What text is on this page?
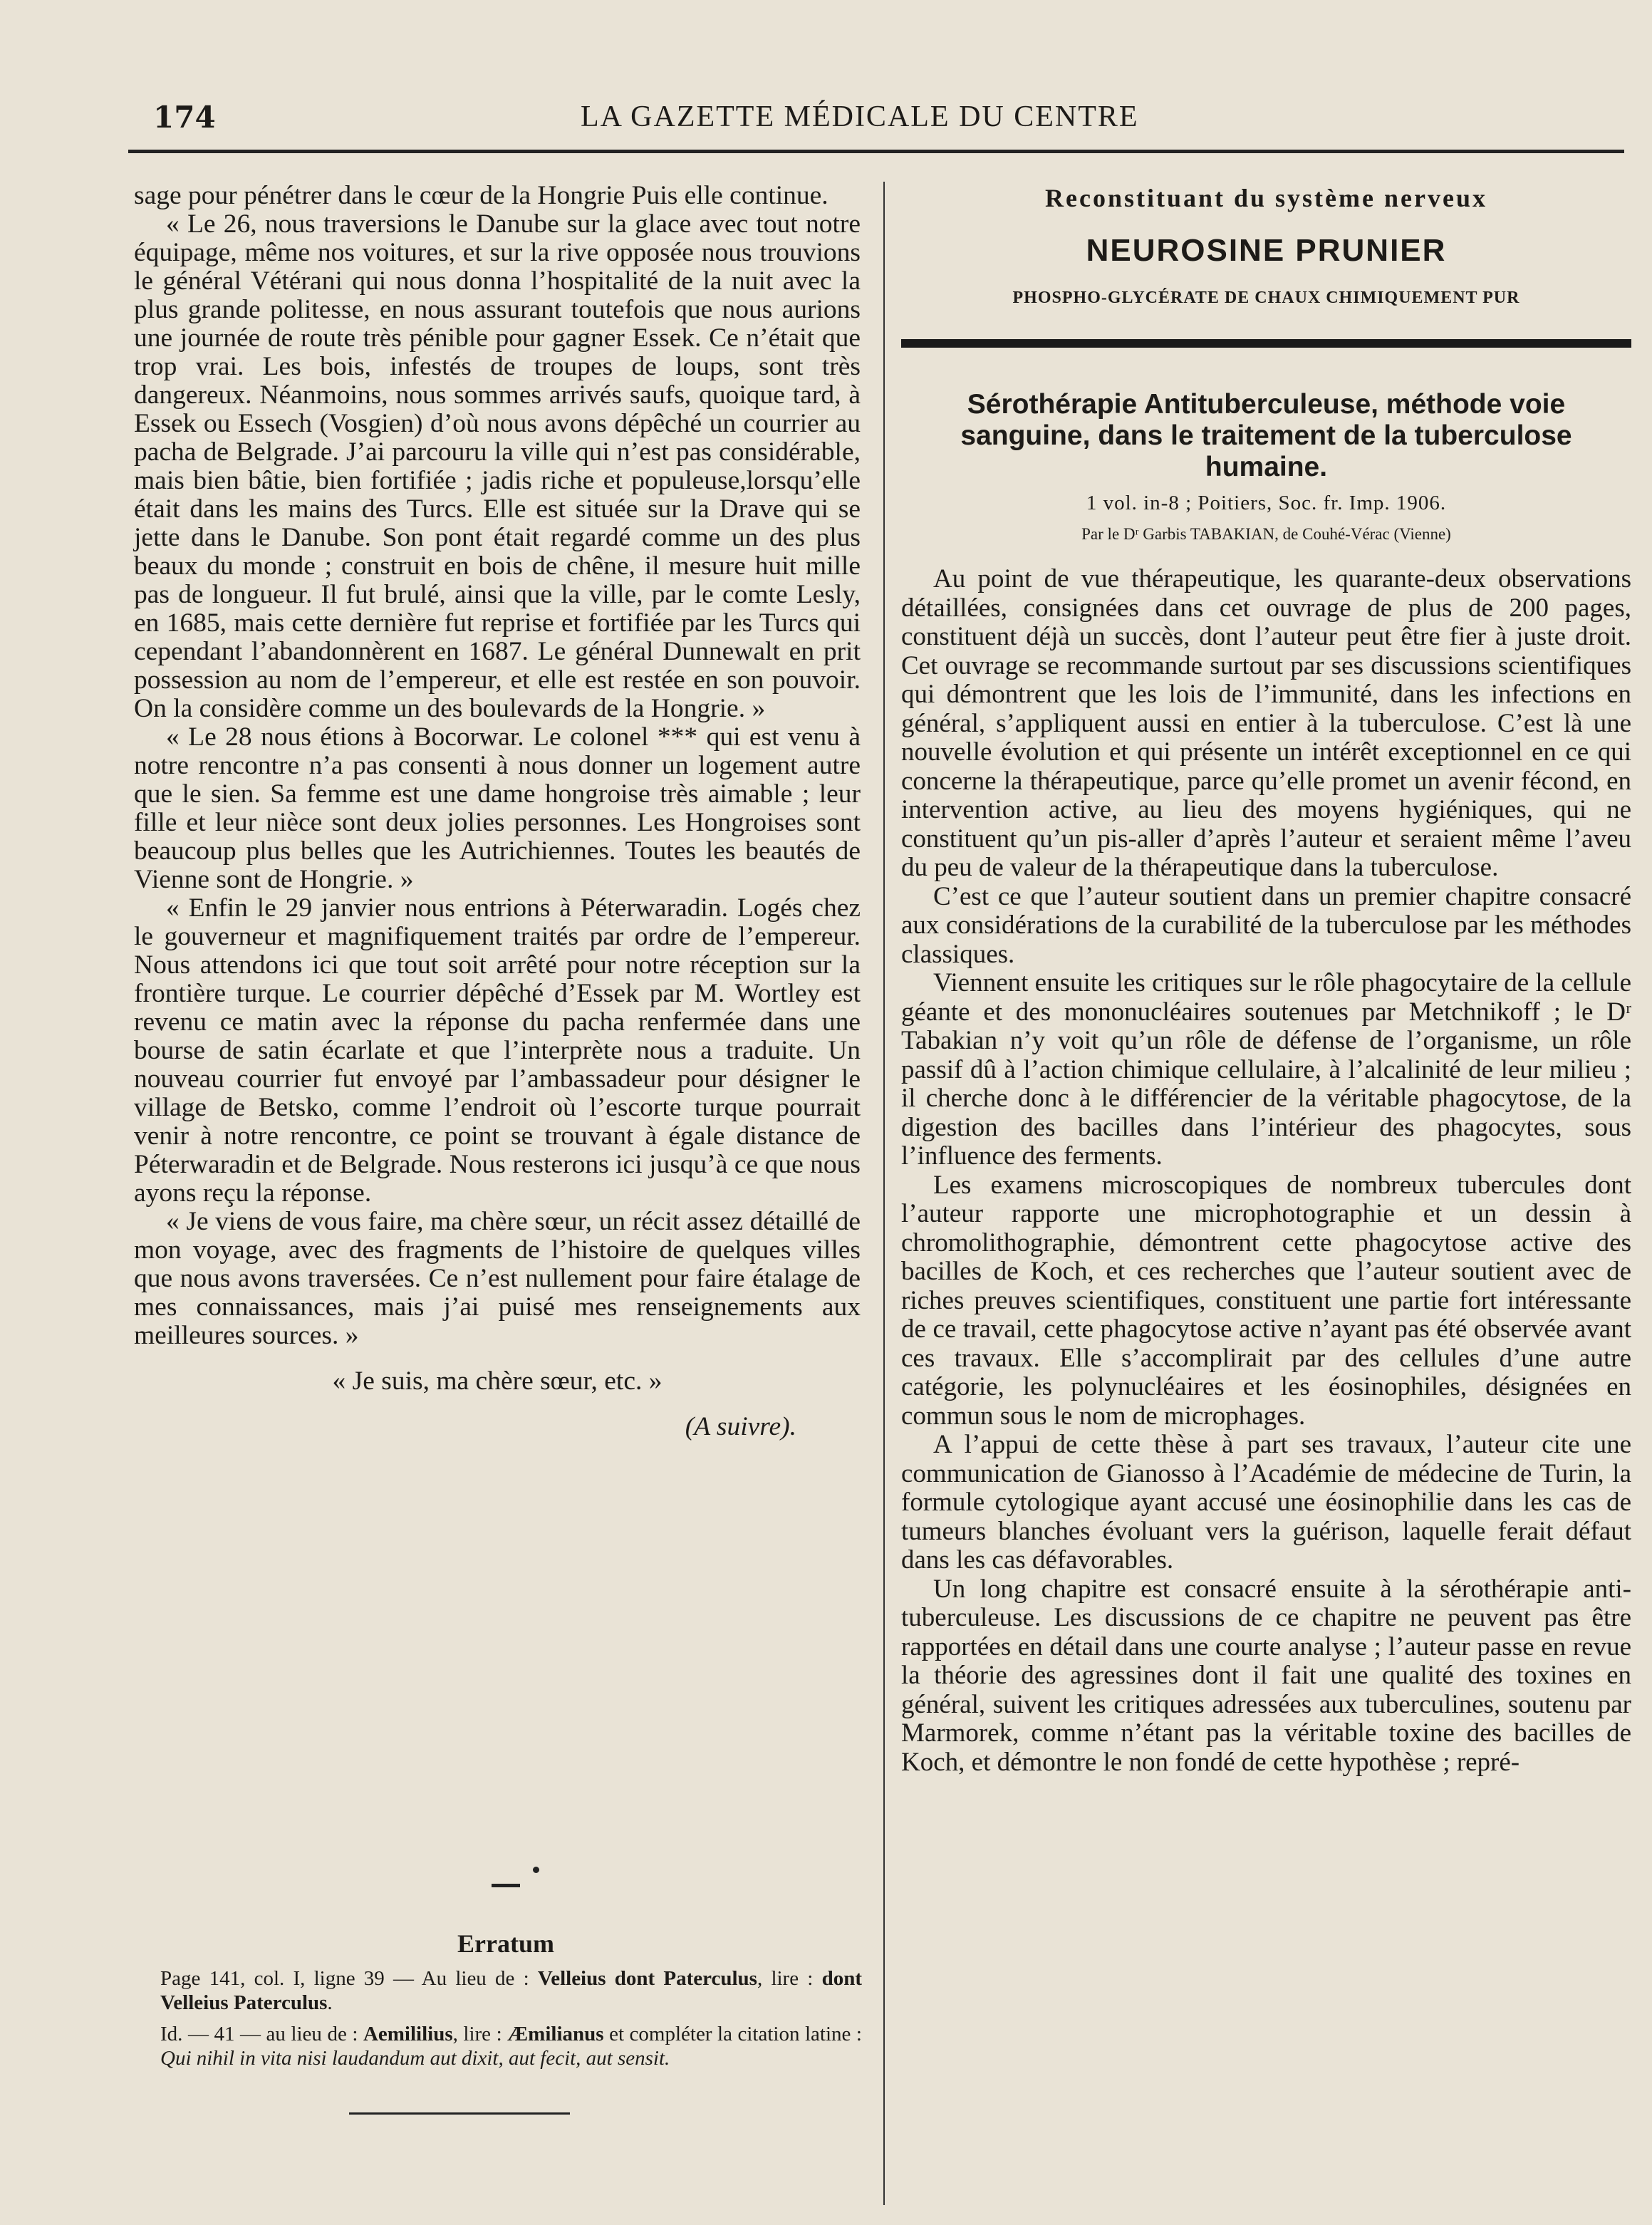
174	LA GAZETTE MÉDICALE DU CENTRE

sage pour pénétrer dans le cœur de la Hongrie Puis elle continue.

« Le 26, nous traversions le Danube sur la glace avec tout notre équipage, même nos voitures, et sur la rive opposée nous trouvions le général Vétérani qui nous donna l’hospitalité de la nuit avec la plus grande politesse, en nous assurant toutefois que nous aurions une journée de route très pénible pour gagner Essek. Ce n’était que trop vrai. Les bois, infestés de troupes de loups, sont très dangereux. Néanmoins, nous sommes arrivés saufs, quoique tard, à Essek ou Essech (Vosgien) d’où nous avons dépêché un courrier au pacha de Belgrade. J’ai parcouru la ville qui n’est pas considérable, mais bien bâtie, bien fortifiée ; jadis riche et populeuse,lorsqu’elle était dans les mains des Turcs. Elle est située sur la Drave qui se jette dans le Danube. Son pont était regardé comme un des plus beaux du monde ; construit en bois de chêne, il mesure huit mille pas de longueur. Il fut brulé, ainsi que la ville, par le comte Lesly, en 1685, mais cette dernière fut reprise et fortifiée par les Turcs qui cependant l’abandonnèrent en 1687. Le général Dunnewalt en prit possession au nom de l’empereur, et elle est restée en son pouvoir. On la considère comme un des boulevards de la Hongrie. »

« Le 28 nous étions à Bocorwar. Le colonel *** qui est venu à notre rencontre n’a pas consenti à nous donner un logement autre que le sien. Sa femme est une dame hongroise très aimable ; leur fille et leur nièce sont deux jolies personnes. Les Hongroises sont beaucoup plus belles que les Autrichiennes. Toutes les beautés de Vienne sont de Hongrie. »

« Enfin le 29 janvier nous entrions à Péterwaradin. Logés chez le gouverneur et magnifiquement traités par ordre de l’empereur. Nous attendons ici que tout soit arrêté pour notre réception sur la frontière turque. Le courrier dépêché d’Essek par M. Wortley est revenu ce matin avec la réponse du pacha renfermée dans une bourse de satin écarlate et que l’interprète nous a traduite. Un nouveau courrier fut envoyé par l’ambassadeur pour désigner le village de Betsko, comme l’endroit où l’escorte turque pourrait venir à notre rencontre, ce point se trouvant à égale distance de Péterwaradin et de Belgrade. Nous resterons ici jusqu’à ce que nous ayons reçu la réponse.

« Je viens de vous faire, ma chère sœur, un récit assez détaillé de mon voyage, avec des fragments de l’histoire de quelques villes que nous avons traversées. Ce n’est nullement pour faire étalage de mes connaissances, mais j’ai puisé mes renseignements aux meilleures sources. »

« Je suis, ma chère sœur, etc. »

(A suivre).

Erratum
Page 141, col. I, ligne 39 — Au lieu de : Velleius dont Paterculus, lire : dont Velleius Paterculus.
Id. — 41 — au lieu de : Aemililius, lire : Æmilianus et compléter la citation latine : Qui nihil in vita nisi laudandum aut dixit, aut fecit, aut sensit.
Reconstituant du système nerveux
NEUROSINE PRUNIER
PHOSPHO-GLYCÉRATE DE CHAUX CHIMIQUEMENT PUR
Sérothérapie Antituberculeuse, méthode voie sanguine, dans le traitement de la tuberculose humaine.
1 vol. in-8 ; Poitiers, Soc. fr. Imp. 1906.
Par le Dʳ Garbis TABAKIAN, de Couhé-Vérac (Vienne)

Au point de vue thérapeutique, les quarante-deux observations détaillées, consignées dans cet ouvrage de plus de 200 pages, constituent déjà un succès, dont l’auteur peut être fier à juste droit. Cet ouvrage se recommande surtout par ses discussions scientifiques qui démontrent que les lois de l’immunité, dans les infections en général, s’appliquent aussi en entier à la tuberculose. C’est là une nouvelle évolution et qui présente un intérêt exceptionnel en ce qui concerne la thérapeutique, parce qu’elle promet un avenir fécond, en intervention active, au lieu des moyens hygiéniques, qui ne constituent qu’un pis-aller d’après l’auteur et seraient même l’aveu du peu de valeur de la thérapeutique dans la tuberculose.

C’est ce que l’auteur soutient dans un premier chapitre consacré aux considérations de la curabilité de la tuberculose par les méthodes classiques.

Viennent ensuite les critiques sur le rôle phagocytaire de la cellule géante et des mononucléaires soutenues par Metchnikoff ; le Dʳ Tabakian n’y voit qu’un rôle de défense de l’organisme, un rôle passif dû à l’action chimique cellulaire, à l’alcalinité de leur milieu ; il cherche donc à le différencier de la véritable phagocytose, de la digestion des bacilles dans l’intérieur des phagocytes, sous l’influence des ferments.

Les examens microscopiques de nombreux tubercules dont l’auteur rapporte une microphotographie et un dessin à chromolithographie, démontrent cette phagocytose active des bacilles de Koch, et ces recherches que l’auteur soutient avec de riches preuves scientifiques, constituent une partie fort intéressante de ce travail, cette phagocytose active n’ayant pas été observée avant ces travaux. Elle s’accomplirait par des cellules d’une autre catégorie, les polynucléaires et les éosinophiles, désignées en commun sous le nom de microphages.

A l’appui de cette thèse à part ses travaux, l’auteur cite une communication de Gianosso à l’Académie de médecine de Turin, la formule cytologique ayant accusé une éosinophilie dans les cas de tumeurs blanches évoluant vers la guérison, laquelle ferait défaut dans les cas défavorables.

Un long chapitre est consacré ensuite à la sérothérapie anti-tuberculeuse. Les discussions de ce chapitre ne peuvent pas être rapportées en détail dans une courte analyse ; l’auteur passe en revue la théorie des agressines dont il fait une qualité des toxines en général, suivent les critiques adressées aux tuberculines, soutenu par Marmorek, comme n’étant pas la véritable toxine des bacilles de Koch, et démontre le non fondé de cette hypothèse ; repré-
